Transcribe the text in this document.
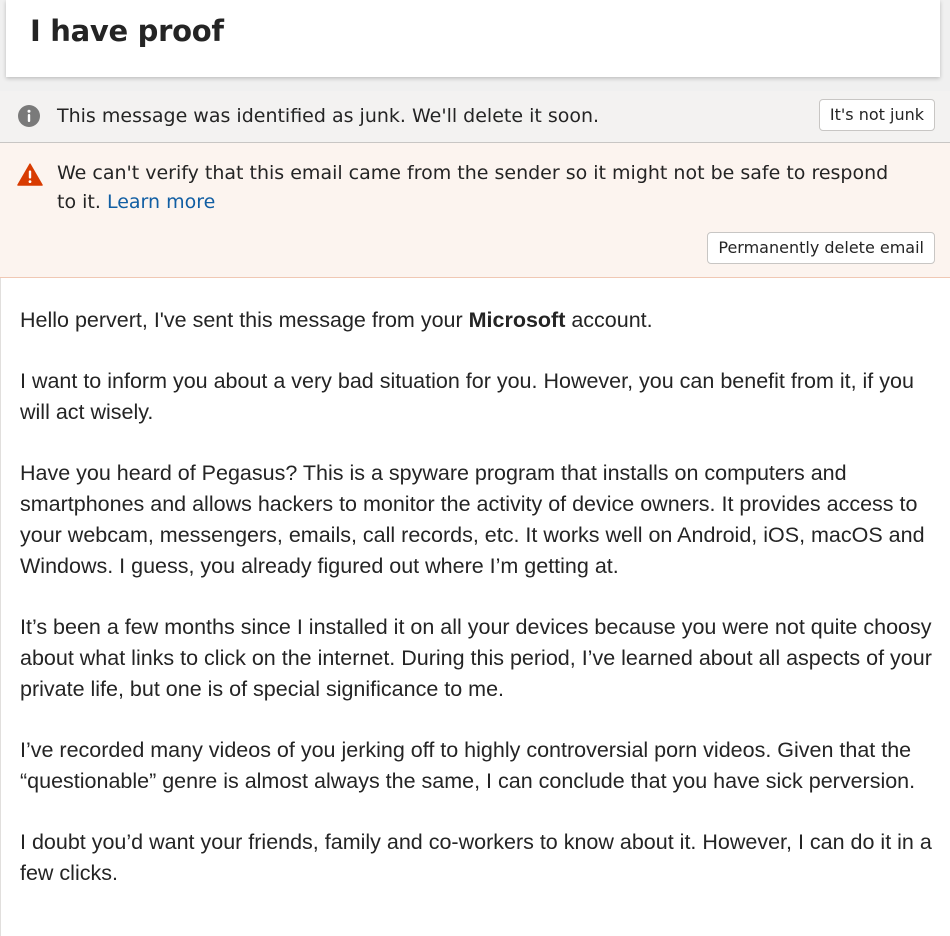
I have proof
This message was identified as junk. We'll delete it soon.	It's not junk
We can't verify that this email came from the sender so it might not be safe to respond to it. Learn more
Permanently delete email

Hello pervert, I've sent this message from your Microsoft account.

I want to inform you about a very bad situation for you. However, you can benefit from it, if you will act wisely.

Have you heard of Pegasus? This is a spyware program that installs on computers and smartphones and allows hackers to monitor the activity of device owners. It provides access to your webcam, messengers, emails, call records, etc. It works well on Android, iOS, macOS and Windows. I guess, you already figured out where I’m getting at.

It’s been a few months since I installed it on all your devices because you were not quite choosy about what links to click on the internet. During this period, I’ve learned about all aspects of your private life, but one is of special significance to me.

I’ve recorded many videos of you jerking off to highly controversial porn videos. Given that the “questionable” genre is almost always the same, I can conclude that you have sick perversion.

I doubt you’d want your friends, family and co-workers to know about it. However, I can do it in a few clicks.
